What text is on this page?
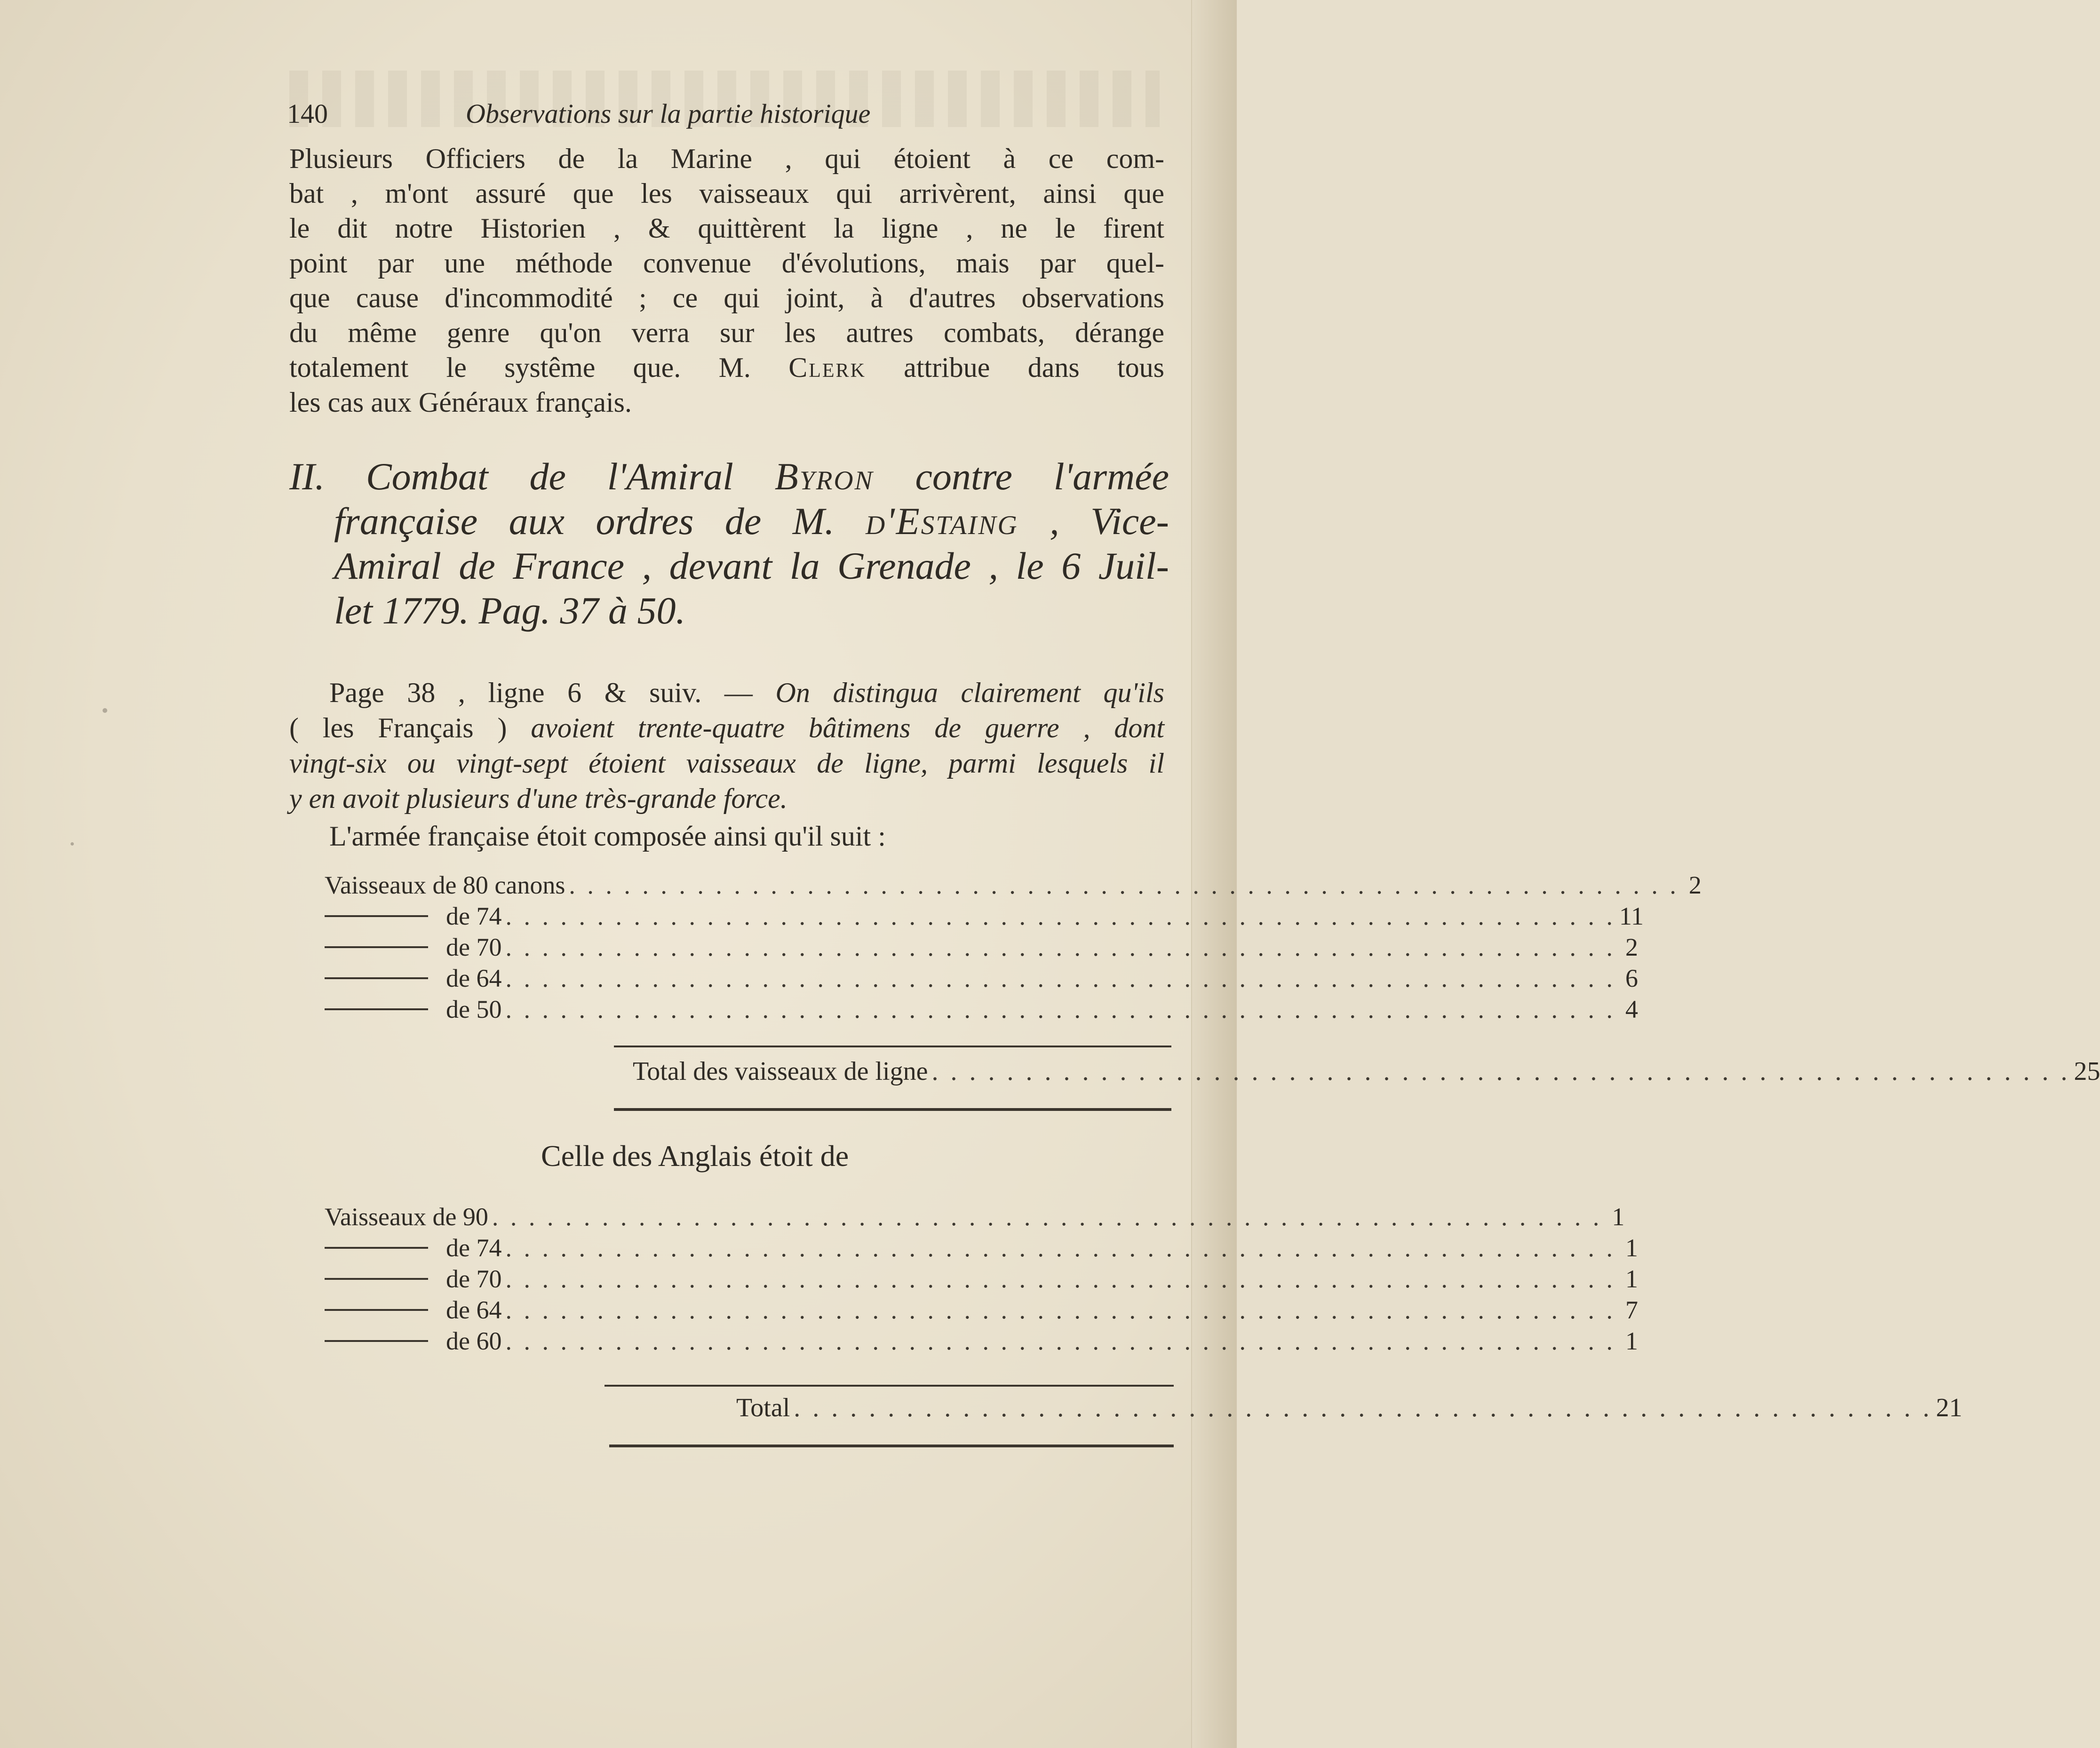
140	Observations sur la partie historique
Plusieurs Officiers de la Marine , qui étoient à ce com-
bat , m'ont assuré que les vaisseaux qui arrivèrent, ainsi que
le dit notre Historien , & quittèrent la ligne , ne le firent
point par une méthode convenue d'évolutions, mais par quel-
que cause d'incommodité ; ce qui joint, à d'autres observations
du même genre qu'on verra sur les autres combats, dérange
totalement le systême que. M. Clerk attribue dans tous
les cas aux Généraux français.
II. Combat de l'Amiral Byron contre l'armée
française aux ordres de M. d'Estaing , Vice-
Amiral de France , devant la Grenade , le 6 Juil-
let 1779. Pag. 37 à 50.
Page 38 , ligne 6 & suiv. — On distingua clairement qu'ils
( les Français ) avoient trente-quatre bâtimens de guerre , dont
vingt-six ou vingt-sept étoient vaisseaux de ligne, parmi lesquels il
y en avoit plusieurs d'une très-grande force.
L'armée française étoit composée ainsi qu'il suit :
Vaisseaux de 80 canons . . . . . . . . . . . . . . . . . . . . . . . . . . . . . . . . . . . . . . . . . . . . . . . . . . . . . . . . . . . . . 2
de 74 . . . . . . . . . . . . . . . . . . . . . . . . . . . . . . . . . . . . . . . . . . . . . . . . . . . . . . . . . . . . . 11
de 70 . . . . . . . . . . . . . . . . . . . . . . . . . . . . . . . . . . . . . . . . . . . . . . . . . . . . . . . . . . . . . 2
de 64 . . . . . . . . . . . . . . . . . . . . . . . . . . . . . . . . . . . . . . . . . . . . . . . . . . . . . . . . . . . . . 6
de 50 . . . . . . . . . . . . . . . . . . . . . . . . . . . . . . . . . . . . . . . . . . . . . . . . . . . . . . . . . . . . . 4
Total des vaisseaux de ligne . . . . . . . . . . . . . . . . . . . . . . . . . . . . . . . . . . . . . . . . . . . . . . . . . . . . . . . . . . . . . 25
Celle des Anglais étoit de
Vaisseaux de 90 . . . . . . . . . . . . . . . . . . . . . . . . . . . . . . . . . . . . . . . . . . . . . . . . . . . . . . . . . . . . . 1
de 74 . . . . . . . . . . . . . . . . . . . . . . . . . . . . . . . . . . . . . . . . . . . . . . . . . . . . . . . . . . . . . 1
de 70 . . . . . . . . . . . . . . . . . . . . . . . . . . . . . . . . . . . . . . . . . . . . . . . . . . . . . . . . . . . . . 1
de 64 . . . . . . . . . . . . . . . . . . . . . . . . . . . . . . . . . . . . . . . . . . . . . . . . . . . . . . . . . . . . . 7
de 60 . . . . . . . . . . . . . . . . . . . . . . . . . . . . . . . . . . . . . . . . . . . . . . . . . . . . . . . . . . . . . 1
Total . . . . . . . . . . . . . . . . . . . . . . . . . . . . . . . . . . . . . . . . . . . . . . . . . . . . . . . . . . . . . 21
